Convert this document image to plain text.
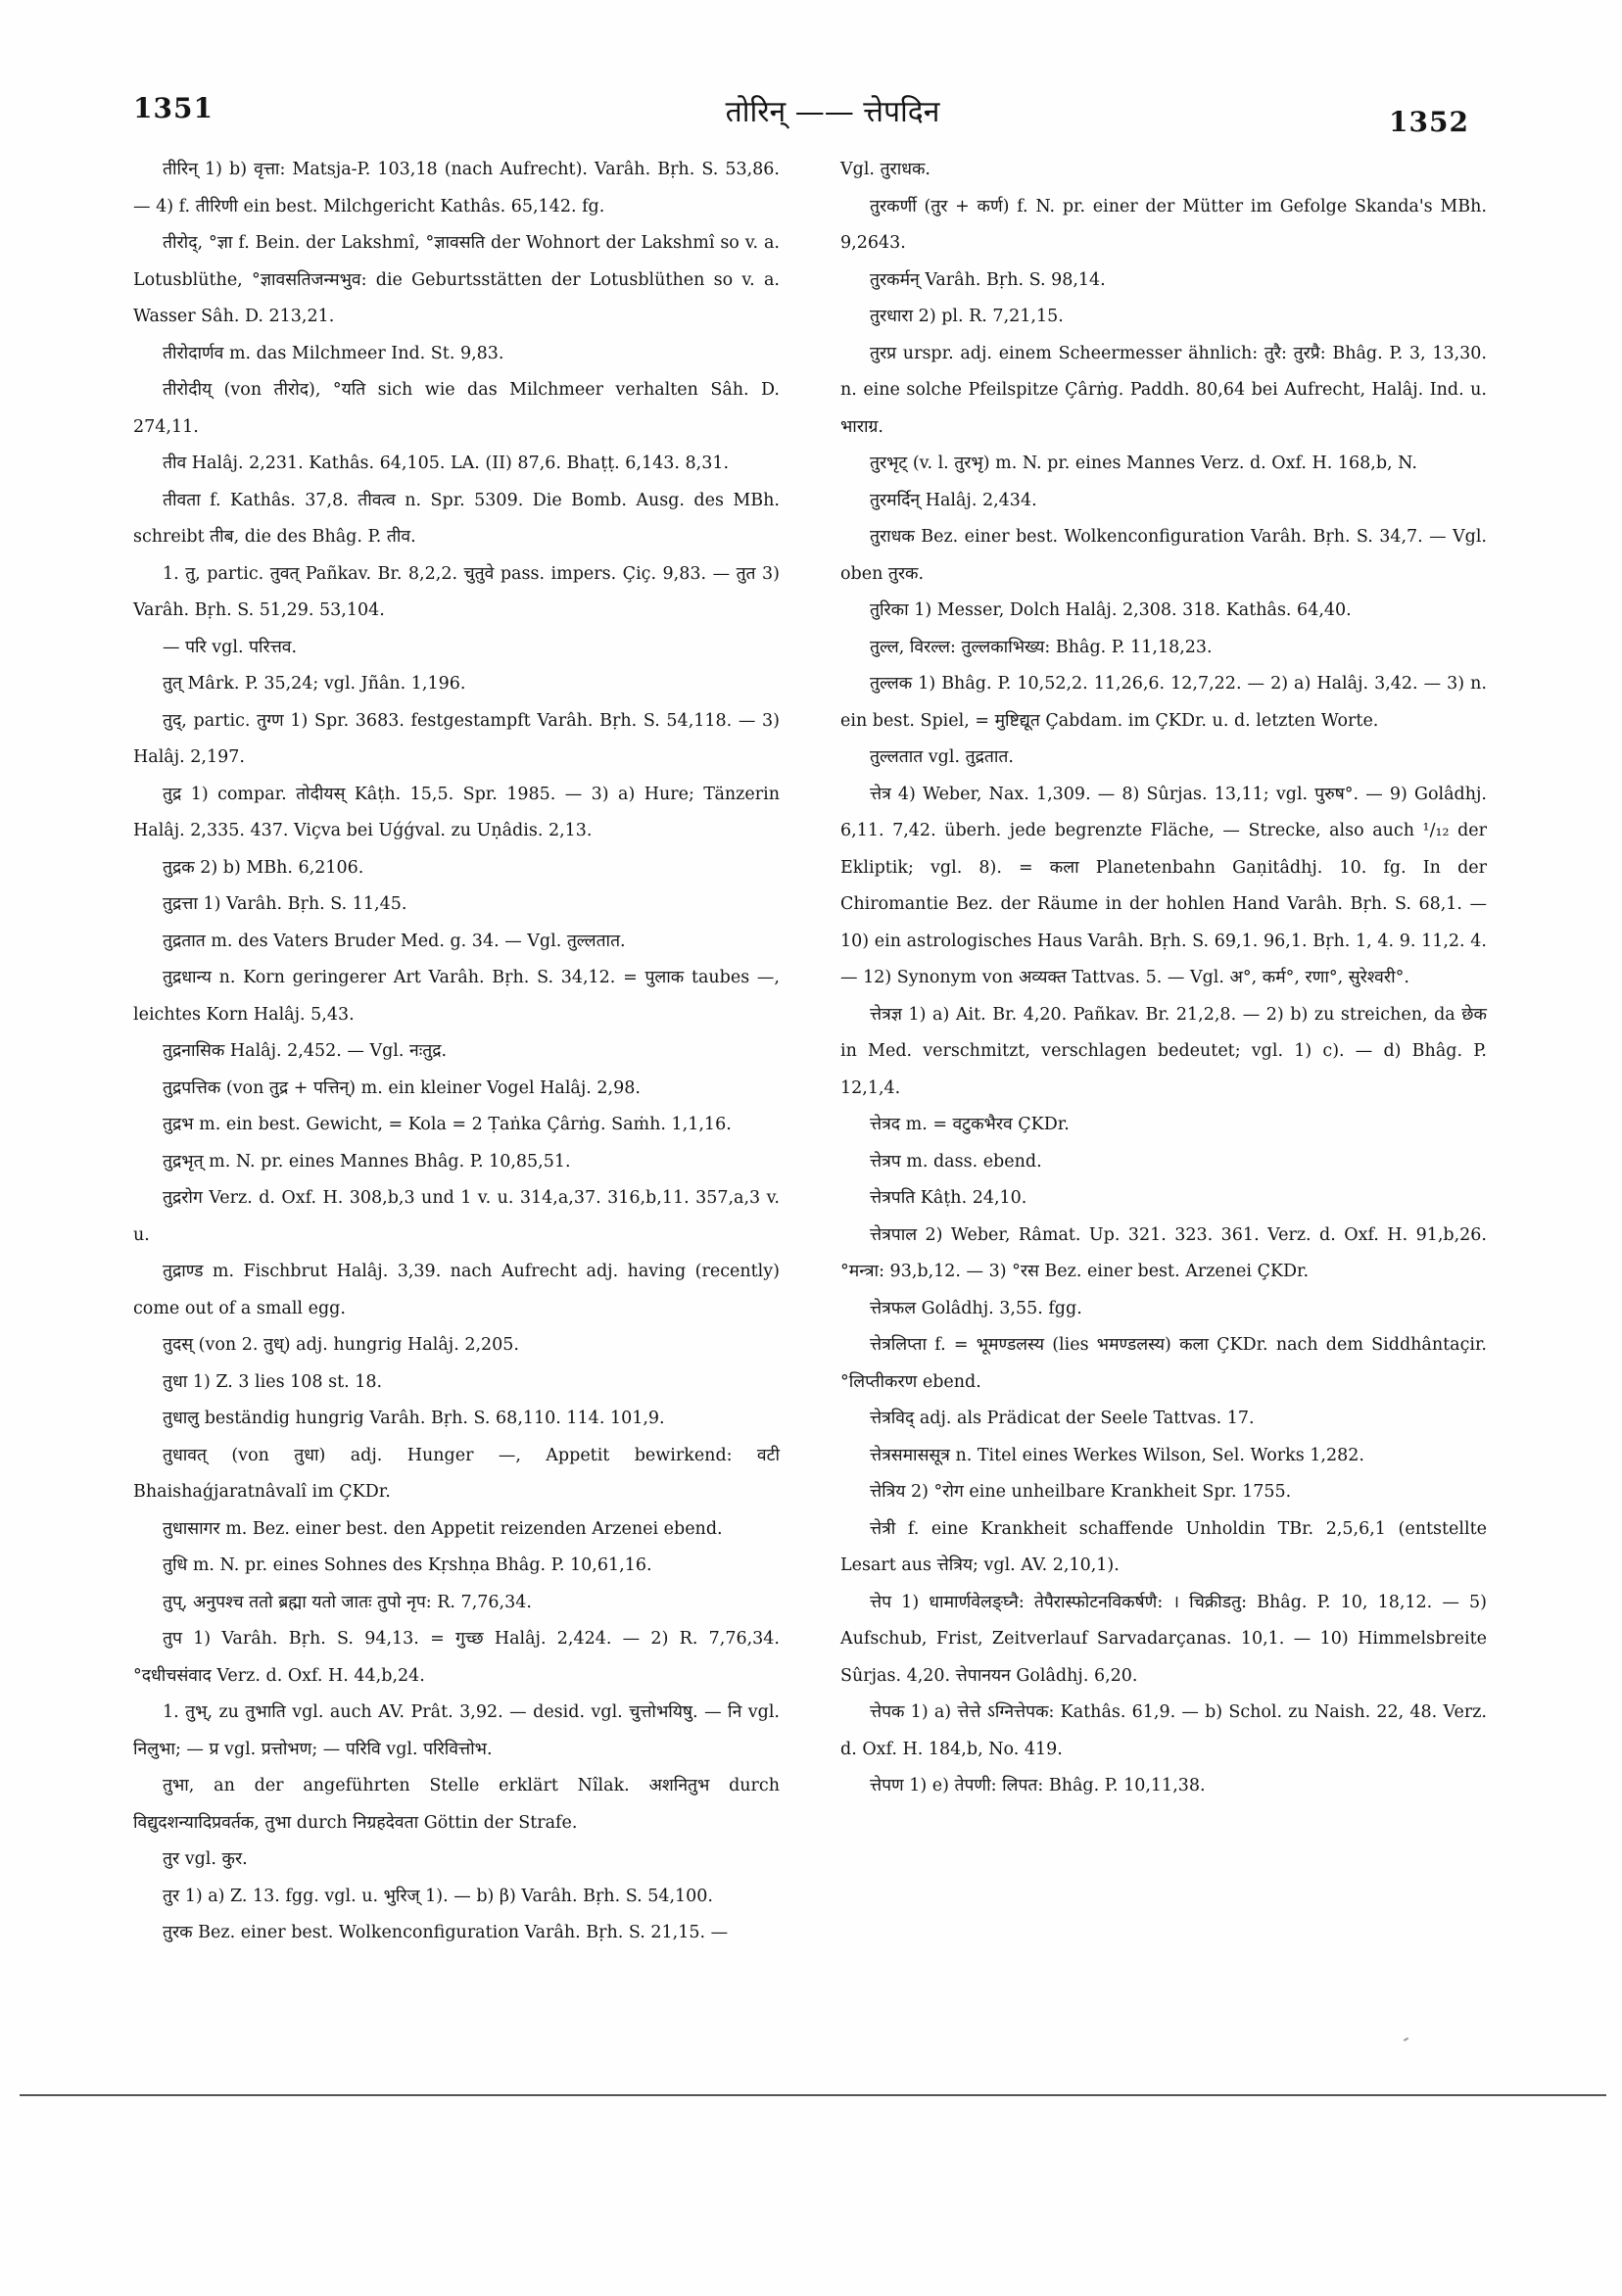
1351	तोरिन् —— त्तेपदिन	1352

तीरिन् 1) b) वृत्ता: Matsja-P. 103,18 (nach Aufrecht). Varâh. Bṛh. S. 53,86. — 4) f. तीरिणी ein best. Milchgericht Kathâs. 65,142. fg.

तीरोद्, °ज्ञा f. Bein. der Lakshmî, °ज्ञावसति der Wohnort der Lakshmî so v. a. Lotusblüthe, °ज्ञावसतिजन्मभुव: die Geburtsstätten der Lotusblüthen so v. a. Wasser Sâh. D. 213,21.

तीरोदार्णव m. das Milchmeer Ind. St. 9,83.

तीरोदीय् (von तीरोद), °यति sich wie das Milchmeer verhalten Sâh. D. 274,11.

तीव Halâj. 2,231. Kathâs. 64,105. LA. (II) 87,6. Bhaṭṭ. 6,143. 8,31.

तीवता f. Kathâs. 37,8. तीवत्व n. Spr. 5309. Die Bomb. Ausg. des MBh. schreibt तीब, die des Bhâg. P. तीव.

1. तु, partic. तुवत् Pañkav. Br. 8,2,2. चुतुवे pass. impers. Çiç. 9,83. — तुत 3) Varâh. Bṛh. S. 51,29. 53,104.

— परि vgl. परित्तव.

तुत् Mârk. P. 35,24; vgl. Jñân. 1,196.

तुद्, partic. तुग्ण 1) Spr. 3683. festgestampft Varâh. Bṛh. S. 54,118. — 3) Halâj. 2,197.

तुद्र 1) compar. तोदीयस् Kâṭh. 15,5. Spr. 1985. — 3) a) Hure; Tänzerin Halâj. 2,335. 437. Viçva bei Uǵǵval. zu Uṇâdis. 2,13.

तुद्रक 2) b) MBh. 6,2106.

तुद्रत्ता 1) Varâh. Bṛh. S. 11,45.

तुद्रतात m. des Vaters Bruder Med. g. 34. — Vgl. तुल्लतात.

तुद्रधान्य n. Korn geringerer Art Varâh. Bṛh. S. 34,12. = पुलाक taubes —, leichtes Korn Halâj. 5,43.

तुद्रनासिक Halâj. 2,452. — Vgl. नःतुद्र.

तुद्रपत्तिक (von तुद्र + पत्तिन्) m. ein kleiner Vogel Halâj. 2,98.

तुद्रभ m. ein best. Gewicht, = Kola = 2 Ṭaṅka Çârṅg. Saṁh. 1,1,16.

तुद्रभृत् m. N. pr. eines Mannes Bhâg. P. 10,85,51.

तुद्ररोग Verz. d. Oxf. H. 308,b,3 und 1 v. u. 314,a,37. 316,b,11. 357,a,3 v. u.

तुद्राण्ड m. Fischbrut Halâj. 3,39. nach Aufrecht adj. having (recently) come out of a small egg.

तुदस् (von 2. तुध्) adj. hungrig Halâj. 2,205.

तुधा 1) Z. 3 lies 108 st. 18.

तुधालु beständig hungrig Varâh. Bṛh. S. 68,110. 114. 101,9.

तुधावत् (von तुधा) adj. Hunger —, Appetit bewirkend: वटी Bhaishaǵjaratnâvalî im ÇKDr.

तुधासागर m. Bez. einer best. den Appetit reizenden Arzenei ebend.

तुधि m. N. pr. eines Sohnes des Kṛshṇa Bhâg. P. 10,61,16.

तुप्, अनुपश्च ततो ब्रह्मा यतो जातः तुपो नृप: R. 7,76,34.

तुप 1) Varâh. Bṛh. S. 94,13. = गुच्छ Halâj. 2,424. — 2) R. 7,76,34. °दधीचसंवाद Verz. d. Oxf. H. 44,b,24.

1. तुभ्, zu तुभाति vgl. auch AV. Prât. 3,92. — desid. vgl. चुत्तोभयिषु. — नि vgl. निलुभा; — प्र vgl. प्रत्तोभण; — परिवि vgl. परिवित्तोभ.

तुभा, an der angeführten Stelle erklärt Nîlak. अशनितुभ durch विद्युदशन्यादिप्रवर्तक, तुभा durch निग्रहदेवता Göttin der Strafe.

तुर vgl. कुर.

तुर 1) a) Z. 13. fgg. vgl. u. भुरिज् 1). — b) β) Varâh. Bṛh. S. 54,100.

तुरक Bez. einer best. Wolkenconfiguration Varâh. Bṛh. S. 21,15. —

Vgl. तुराधक.

तुरकर्णी (तुर + कर्ण) f. N. pr. einer der Mütter im Gefolge Skanda's MBh. 9,2643.

तुरकर्मन् Varâh. Bṛh. S. 98,14.

तुरधारा 2) pl. R. 7,21,15.

तुरप्र urspr. adj. einem Scheermesser ähnlich: तुरै: तुरप्रै: Bhâg. P. 3, 13,30. n. eine solche Pfeilspitze Çârṅg. Paddh. 80,64 bei Aufrecht, Halâj. Ind. u. भाराग्र.

तुरभृट् (v. l. तुरभृ) m. N. pr. eines Mannes Verz. d. Oxf. H. 168,b, N.

तुरमर्दिन् Halâj. 2,434.

तुराधक Bez. einer best. Wolkenconfiguration Varâh. Bṛh. S. 34,7. — Vgl. oben तुरक.

तुरिका 1) Messer, Dolch Halâj. 2,308. 318. Kathâs. 64,40.

तुल्ल, विरल्ल: तुल्लकाभिख्य: Bhâg. P. 11,18,23.

तुल्लक 1) Bhâg. P. 10,52,2. 11,26,6. 12,7,22. — 2) a) Halâj. 3,42. — 3) n. ein best. Spiel, = मुष्टिद्यूत Çabdam. im ÇKDr. u. d. letzten Worte.

तुल्लतात vgl. तुद्रतात.

त्तेत्र 4) Weber, Nax. 1,309. — 8) Sûrjas. 13,11; vgl. पुरुष°. — 9) Golâdhj. 6,11. 7,42. überh. jede begrenzte Fläche, — Strecke, also auch ¹/₁₂ der Ekliptik; vgl. 8). = कला Planetenbahn Gaṇitâdhj. 10. fg. In der Chiromantie Bez. der Räume in der hohlen Hand Varâh. Bṛh. S. 68,1. — 10) ein astrologisches Haus Varâh. Bṛh. S. 69,1. 96,1. Bṛh. 1, 4. 9. 11,2. 4. — 12) Synonym von अव्यक्त Tattvas. 5. — Vgl. अ°, कर्म°, रणा°, सुरेश्वरी°.

त्तेत्रज्ञ 1) a) Ait. Br. 4,20. Pañkav. Br. 21,2,8. — 2) b) zu streichen, da छेक in Med. verschmitzt, verschlagen bedeutet; vgl. 1) c). — d) Bhâg. P. 12,1,4.

त्तेत्रद m. = वटुकभैरव ÇKDr.

त्तेत्रप m. dass. ebend.

त्तेत्रपति Kâṭh. 24,10.

त्तेत्रपाल 2) Weber, Râmat. Up. 321. 323. 361. Verz. d. Oxf. H. 91,b,26. °मन्त्रा: 93,b,12. — 3) °रस Bez. einer best. Arzenei ÇKDr.

त्तेत्रफल Golâdhj. 3,55. fgg.

त्तेत्रलिप्ता f. = भूमण्डलस्य (lies भमण्डलस्य) कला ÇKDr. nach dem Siddhântaçir. °लिप्तीकरण ebend.

त्तेत्रविद् adj. als Prädicat der Seele Tattvas. 17.

त्तेत्रसमाससूत्र n. Titel eines Werkes Wilson, Sel. Works 1,282.

त्तेत्रिय 2) °रोग eine unheilbare Krankheit Spr. 1755.

त्तेत्री f. eine Krankheit schaffende Unholdin TBr. 2,5,6,1 (entstellte Lesart aus त्तेत्रिय; vgl. AV. 2,10,1).

त्तेप 1) धामार्णवेलङ्घ्नै: तेपैरास्फोटनविकर्षणै: । चिक्रीडतु: Bhâg. P. 10, 18,12. — 5) Aufschub, Frist, Zeitverlauf Sarvadarçanas. 10,1. — 10) Himmelsbreite Sûrjas. 4,20. त्तेपानयन Golâdhj. 6,20.

त्तेपक 1) a) त्तेत्ते ऽग्नित्तेपक: Kathâs. 61,9. — b) Schol. zu Naish. 22, 48. Verz. d. Oxf. H. 184,b, No. 419.

त्तेपण 1) e) तेपणी: लिपत: Bhâg. P. 10,11,38.
